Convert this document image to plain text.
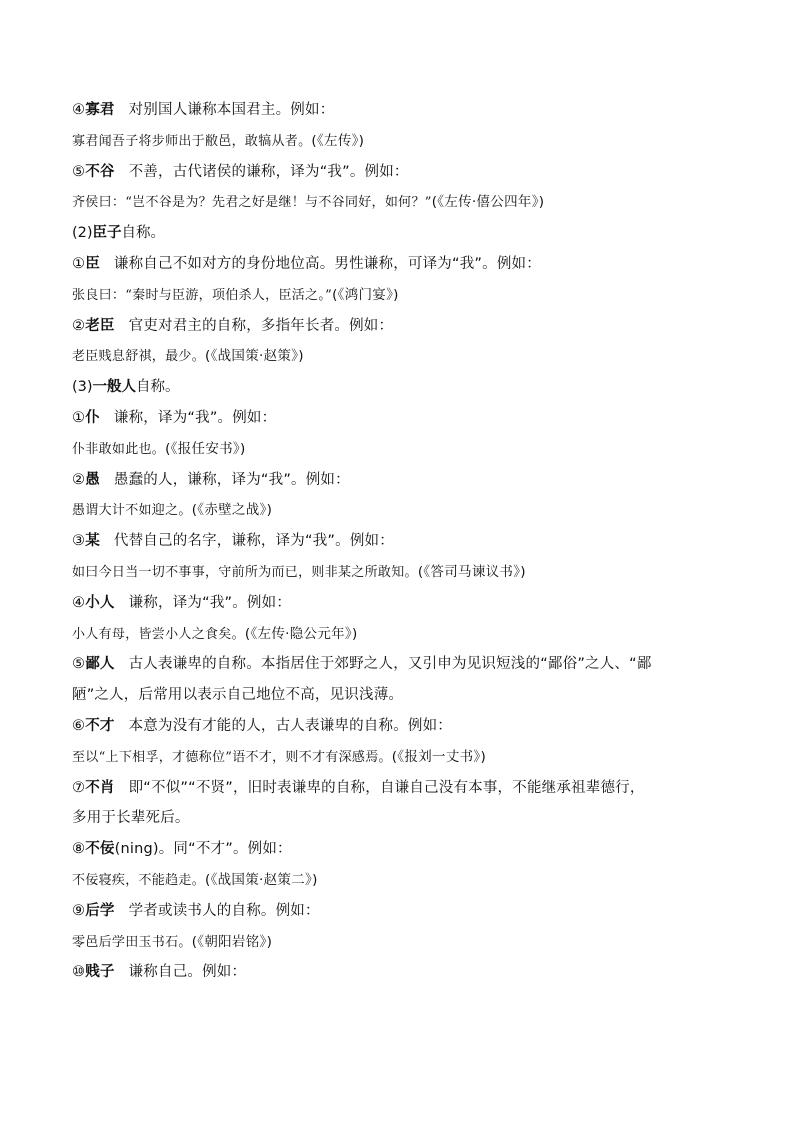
④寡君 对别国人谦称本国君主。例如：
寡君闻吾子将步师出于敝邑，敢犒从者。(《左传》)
⑤不谷 不善，古代诸侯的谦称，译为“我”。例如：
齐侯曰：“岂不谷是为？先君之好是继！与不谷同好，如何？”(《左传·僖公四年》)
(2)臣子自称。
①臣 谦称自己不如对方的身份地位高。男性谦称，可译为“我”。例如：
张良曰：“秦时与臣游，项伯杀人，臣活之。”(《鸿门宴》)
②老臣 官吏对君主的自称，多指年长者。例如：
老臣贱息舒祺，最少。(《战国策·赵策》)
(3)一般人自称。
①仆 谦称，译为“我”。例如：
仆非敢如此也。(《报任安书》)
②愚 愚蠢的人，谦称，译为“我”。例如：
愚谓大计不如迎之。(《赤壁之战》)
③某 代替自己的名字，谦称，译为“我”。例如：
如曰今日当一切不事事，守前所为而已，则非某之所敢知。(《答司马谏议书》)
④小人 谦称，译为“我”。例如：
小人有母，皆尝小人之食矣。(《左传·隐公元年》)
⑤鄙人 古人表谦卑的自称。本指居住于郊野之人，又引申为见识短浅的“鄙俗”之人、“鄙
陋”之人，后常用以表示自己地位不高，见识浅薄。
⑥不才 本意为没有才能的人，古人表谦卑的自称。例如：
至以“上下相孚，才德称位”语不才，则不才有深感焉。(《报刘一丈书》)
⑦不肖 即“不似”“不贤”，旧时表谦卑的自称，自谦自己没有本事，不能继承祖辈德行，
多用于长辈死后。
⑧不佞(ning)。同“不才”。例如：
不佞寝疾，不能趋走。(《战国策·赵策二》)
⑨后学 学者或读书人的自称。例如：
零邑后学田玉书石。(《朝阳岩铭》)
⑩贱子 谦称自己。例如：
